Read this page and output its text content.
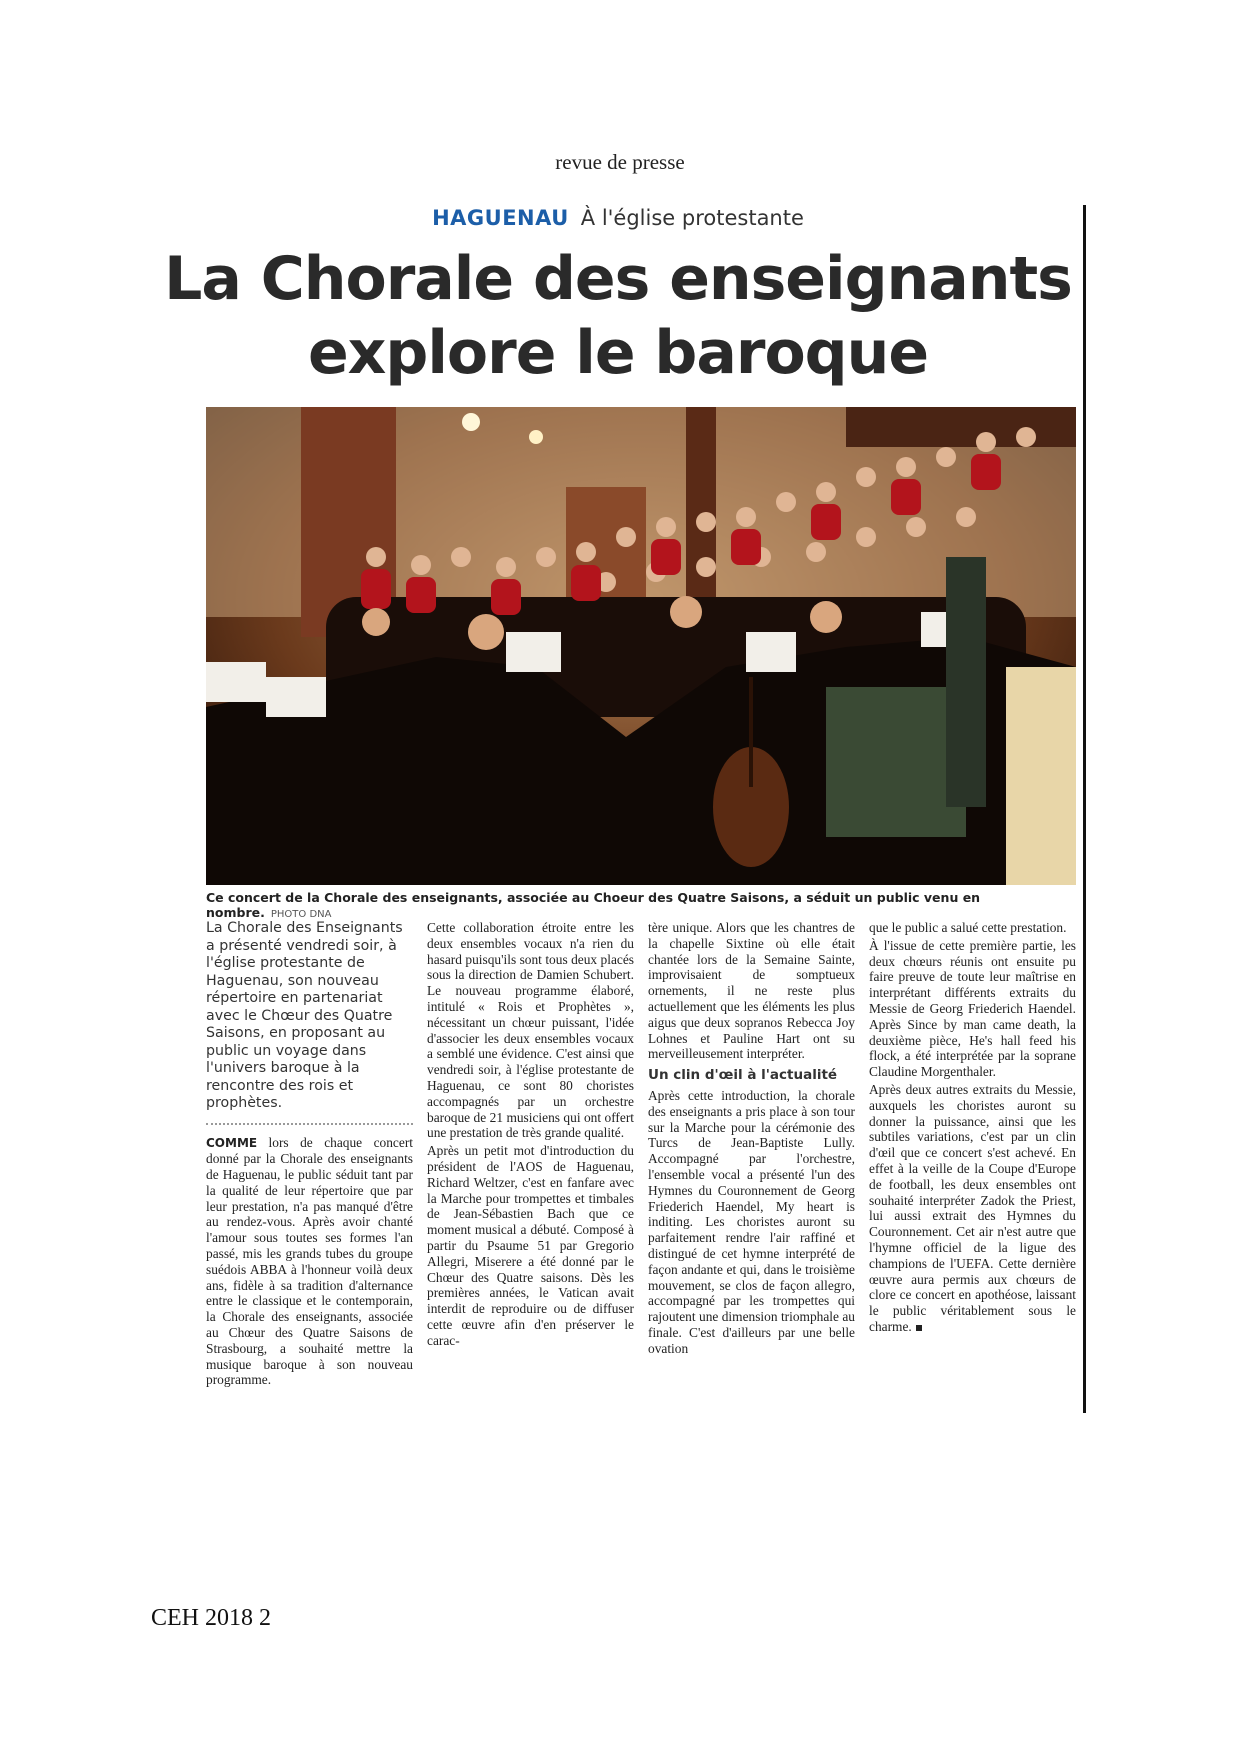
revue de presse
HAGUENAU À l'église protestante
La Chorale des enseignants
explore le baroque
Ce concert de la Chorale des enseignants, associée au Choeur des Quatre Saisons, a séduit un public venu en nombre. PHOTO DNA

La Chorale des Enseignants a présenté vendredi soir, à l'église protestante de Haguenau, son nouveau répertoire en partenariat avec le Chœur des Quatre Saisons, en proposant au public un voyage dans l'univers baroque à la rencontre des rois et prophètes.

COMME lors de chaque concert donné par la Chorale des enseignants de Haguenau, le public séduit tant par la qualité de leur répertoire que par leur prestation, n'a pas manqué d'être au rendez-vous. Après avoir chanté l'amour sous toutes ses formes l'an passé, mis les grands tubes du groupe suédois ABBA à l'honneur voilà deux ans, fidèle à sa tradition d'alternance entre le classique et le contemporain, la Chorale des enseignants, associée au Chœur des Quatre Saisons de Strasbourg, a souhaité mettre la musique baroque à son nouveau programme.

Cette collaboration étroite entre les deux ensembles vocaux n'a rien du hasard puisqu'ils sont tous deux placés sous la direction de Damien Schubert. Le nouveau programme élaboré, intitulé « Rois et Prophètes », nécessitant un chœur puissant, l'idée d'associer les deux ensembles vocaux a semblé une évidence. C'est ainsi que vendredi soir, à l'église protestante de Haguenau, ce sont 80 choristes accompagnés par un orchestre baroque de 21 musiciens qui ont offert une prestation de très grande qualité.

Après un petit mot d'introduction du président de l'AOS de Haguenau, Richard Weltzer, c'est en fanfare avec la Marche pour trompettes et timbales de Jean-Sébastien Bach que ce moment musical a débuté. Composé à partir du Psaume 51 par Gregorio Allegri, Miserere a été donné par le Chœur des Quatre saisons. Dès les premières années, le Vatican avait interdit de reproduire ou de diffuser cette œuvre afin d'en préserver le carac-

tère unique. Alors que les chantres de la chapelle Sixtine où elle était chantée lors de la Semaine Sainte, improvisaient de somptueux ornements, il ne reste plus actuellement que les éléments les plus aigus que deux sopranos Rebecca Joy Lohnes et Pauline Hart ont su merveilleusement interpréter.

Un clin d'œil à l'actualité

Après cette introduction, la chorale des enseignants a pris place à son tour sur la Marche pour la cérémonie des Turcs de Jean-Baptiste Lully. Accompagné par l'orchestre, l'ensemble vocal a présenté l'un des Hymnes du Couronnement de Georg Friederich Haendel, My heart is inditing. Les choristes auront su parfaitement rendre l'air raffiné et distingué de cet hymne interprété de façon andante et qui, dans le troisième mouvement, se clos de façon allegro, accompagné par les trompettes qui rajoutent une dimension triomphale au finale. C'est d'ailleurs par une belle ovation

que le public a salué cette prestation.

À l'issue de cette première partie, les deux chœurs réunis ont ensuite pu faire preuve de toute leur maîtrise en interprétant différents extraits du Messie de Georg Friederich Haendel. Après Since by man came death, la deuxième pièce, He's hall feed his flock, a été interprétée par la soprane Claudine Morgenthaler.

Après deux autres extraits du Messie, auxquels les choristes auront su donner la puissance, ainsi que les subtiles variations, c'est par un clin d'œil que ce concert s'est achevé. En effet à la veille de la Coupe d'Europe de football, les deux ensembles ont souhaité interpréter Zadok the Priest, lui aussi extrait des Hymnes du Couronnement. Cet air n'est autre que l'hymne officiel de la ligue des champions de l'UEFA. Cette dernière œuvre aura permis aux chœurs de clore ce concert en apothéose, laissant le public véritablement sous le charme.

CEH 2018 2
